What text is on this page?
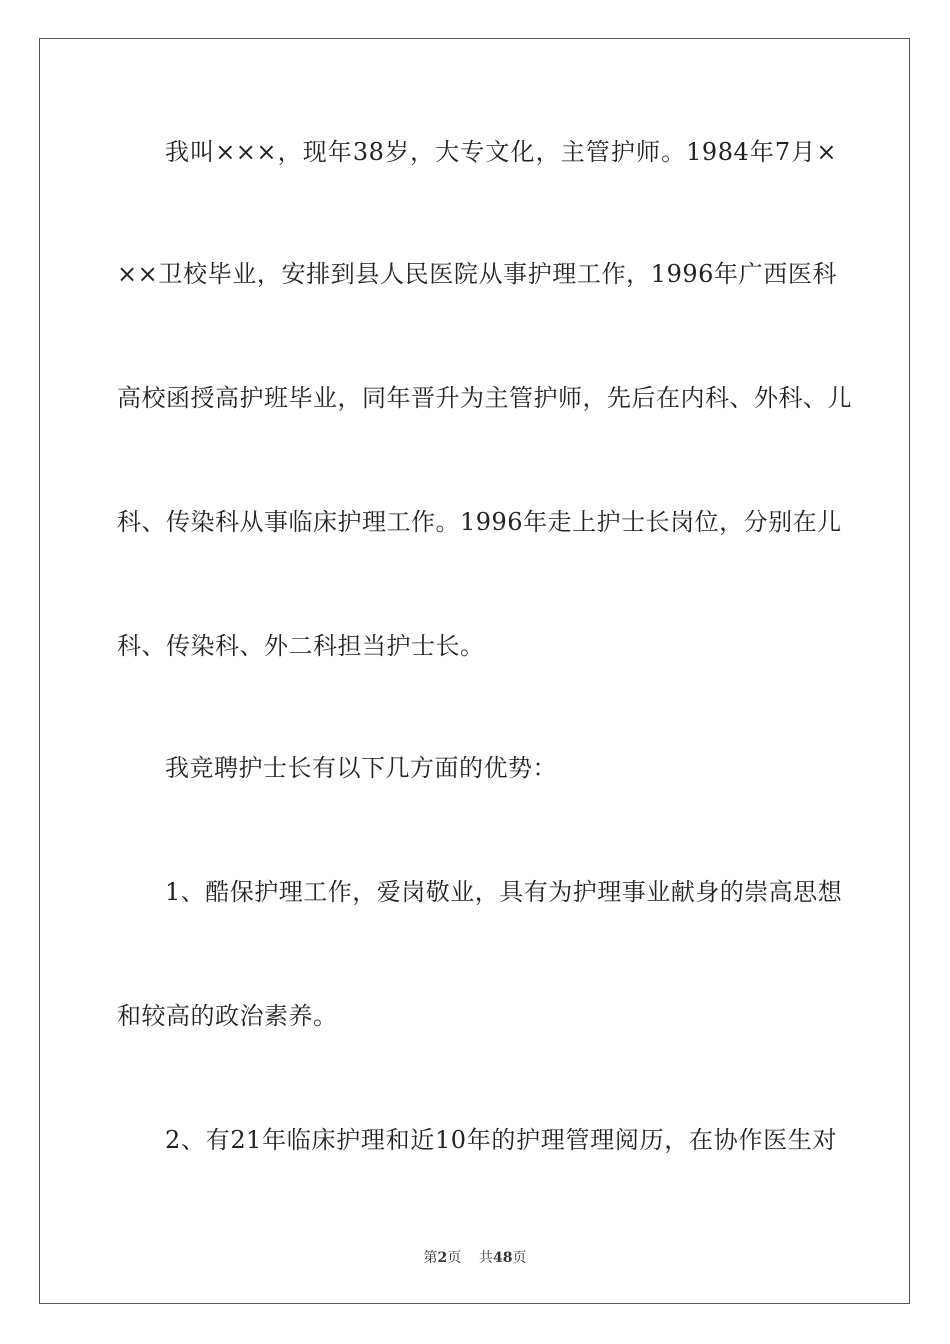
我叫×××，现年38岁，大专文化，主管护师。1984年7月×
××卫校毕业，安排到县人民医院从事护理工作，1996年广西医科
高校函授高护班毕业，同年晋升为主管护师，先后在内科、外科、儿
科、传染科从事临床护理工作。1996年走上护士长岗位，分别在儿
科、传染科、外二科担当护士长。
我竞聘护士长有以下几方面的优势：
1、酷保护理工作，爱岗敬业，具有为护理事业献身的崇高思想
和较高的政治素养。
2、有21年临床护理和近10年的护理管理阅历，在协作医生对
第2页 共48页
